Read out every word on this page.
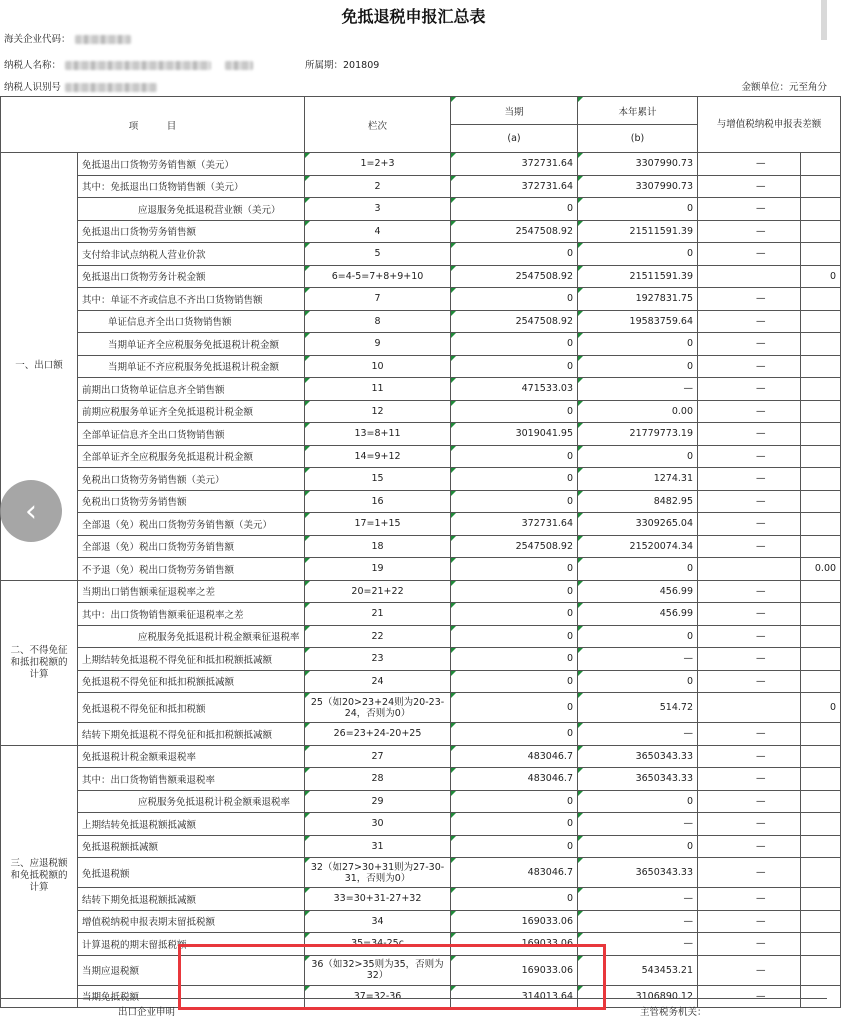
免抵退税申报汇总表
海关企业代码：
纳税人名称：	所属期：201809
纳税人识别号	金额单位：元至角分
项　　　目		栏次	当期	本年累计	与增值税纳税申报表差额	
			(a)	(b)		
一、出口额	免抵退出口货物劳务销售额（美元）	1=2+3	372731.64	3307990.73	—	
	其中：免抵退出口货物销售额（美元）	2	372731.64	3307990.73	—	
	应退服务免抵退税营业额（美元）	3	0	0	—	
	免抵退出口货物劳务销售额	4	2547508.92	21511591.39	—	
	支付给非试点纳税人营业价款	5	0	0	—	
	免抵退出口货物劳务计税金额	6=4-5=7+8+9+10	2547508.92	21511591.39		0
	其中：单证不齐或信息不齐出口货物销售额	7	0	1927831.75	—	
	单证信息齐全出口货物销售额	8	2547508.92	19583759.64	—	
	当期单证齐全应税服务免抵退税计税金额	9	0	0	—	
	当期单证不齐应税服务免抵退税计税金额	10	0	0	—	
	前期出口货物单证信息齐全销售额	11	471533.03	—	—	
	前期应税服务单证齐全免抵退税计税金额	12	0	0.00	—	
	全部单证信息齐全出口货物销售额	13=8+11	3019041.95	21779773.19	—	
	全部单证齐全应税服务免抵退税计税金额	14=9+12	0	0	—	
	免税出口货物劳务销售额（美元）	15	0	1274.31	—	
	免税出口货物劳务销售额	16	0	8482.95	—	
	全部退（免）税出口货物劳务销售额（美元）	17=1+15	372731.64	3309265.04	—	
	全部退（免）税出口货物劳务销售额	18	2547508.92	21520074.34	—	
	不予退（免）税出口货物劳务销售额	19	0	0		0.00
二、不得免征和抵扣税额的计算	当期出口销售额乘征退税率之差	20=21+22	0	456.99	—	
	其中：出口货物销售额乘征退税率之差	21	0	456.99	—	
	应税服务免抵退税计税金额乘征退税率	22	0	0	—	
	上期结转免抵退税不得免征和抵扣税额抵减额	23	0	—	—	
	免抵退税不得免征和抵扣税额抵减额	24	0	0	—	
	免抵退税不得免征和抵扣税额	25（如20>23+24则为20-23-24，否则为0）	0	514.72		0
	结转下期免抵退税不得免征和抵扣税额抵减额	26=23+24-20+25	0	—	—	
三、应退税额和免抵税额的计算	免抵退税计税金额乘退税率	27	483046.7	3650343.33	—	
	其中：出口货物销售额乘退税率	28	483046.7	3650343.33	—	
	应税服务免抵退税计税金额乘退税率	29	0	0	—	
	上期结转免抵退税额抵减额	30	0	—	—	
	免抵退税额抵减额	31	0	0	—	
	免抵退税额	32（如27>30+31则为27-30-31，否则为0）	483046.7	3650343.33	—	
	结转下期免抵退税额抵减额	33=30+31-27+32	0	—	—	
	增值税纳税申报表期末留抵税额	34	169033.06	—	—	
	计算退税的期末留抵税额	35=34-25c	169033.06	—	—	
	当期应退税额	36（如32>35则为35，否则为32）	169033.06	543453.21	—	
	当期免抵税额	37=32-36	314013.64	3106890.12	—	
出口企业申明	主管税务机关：
‹
